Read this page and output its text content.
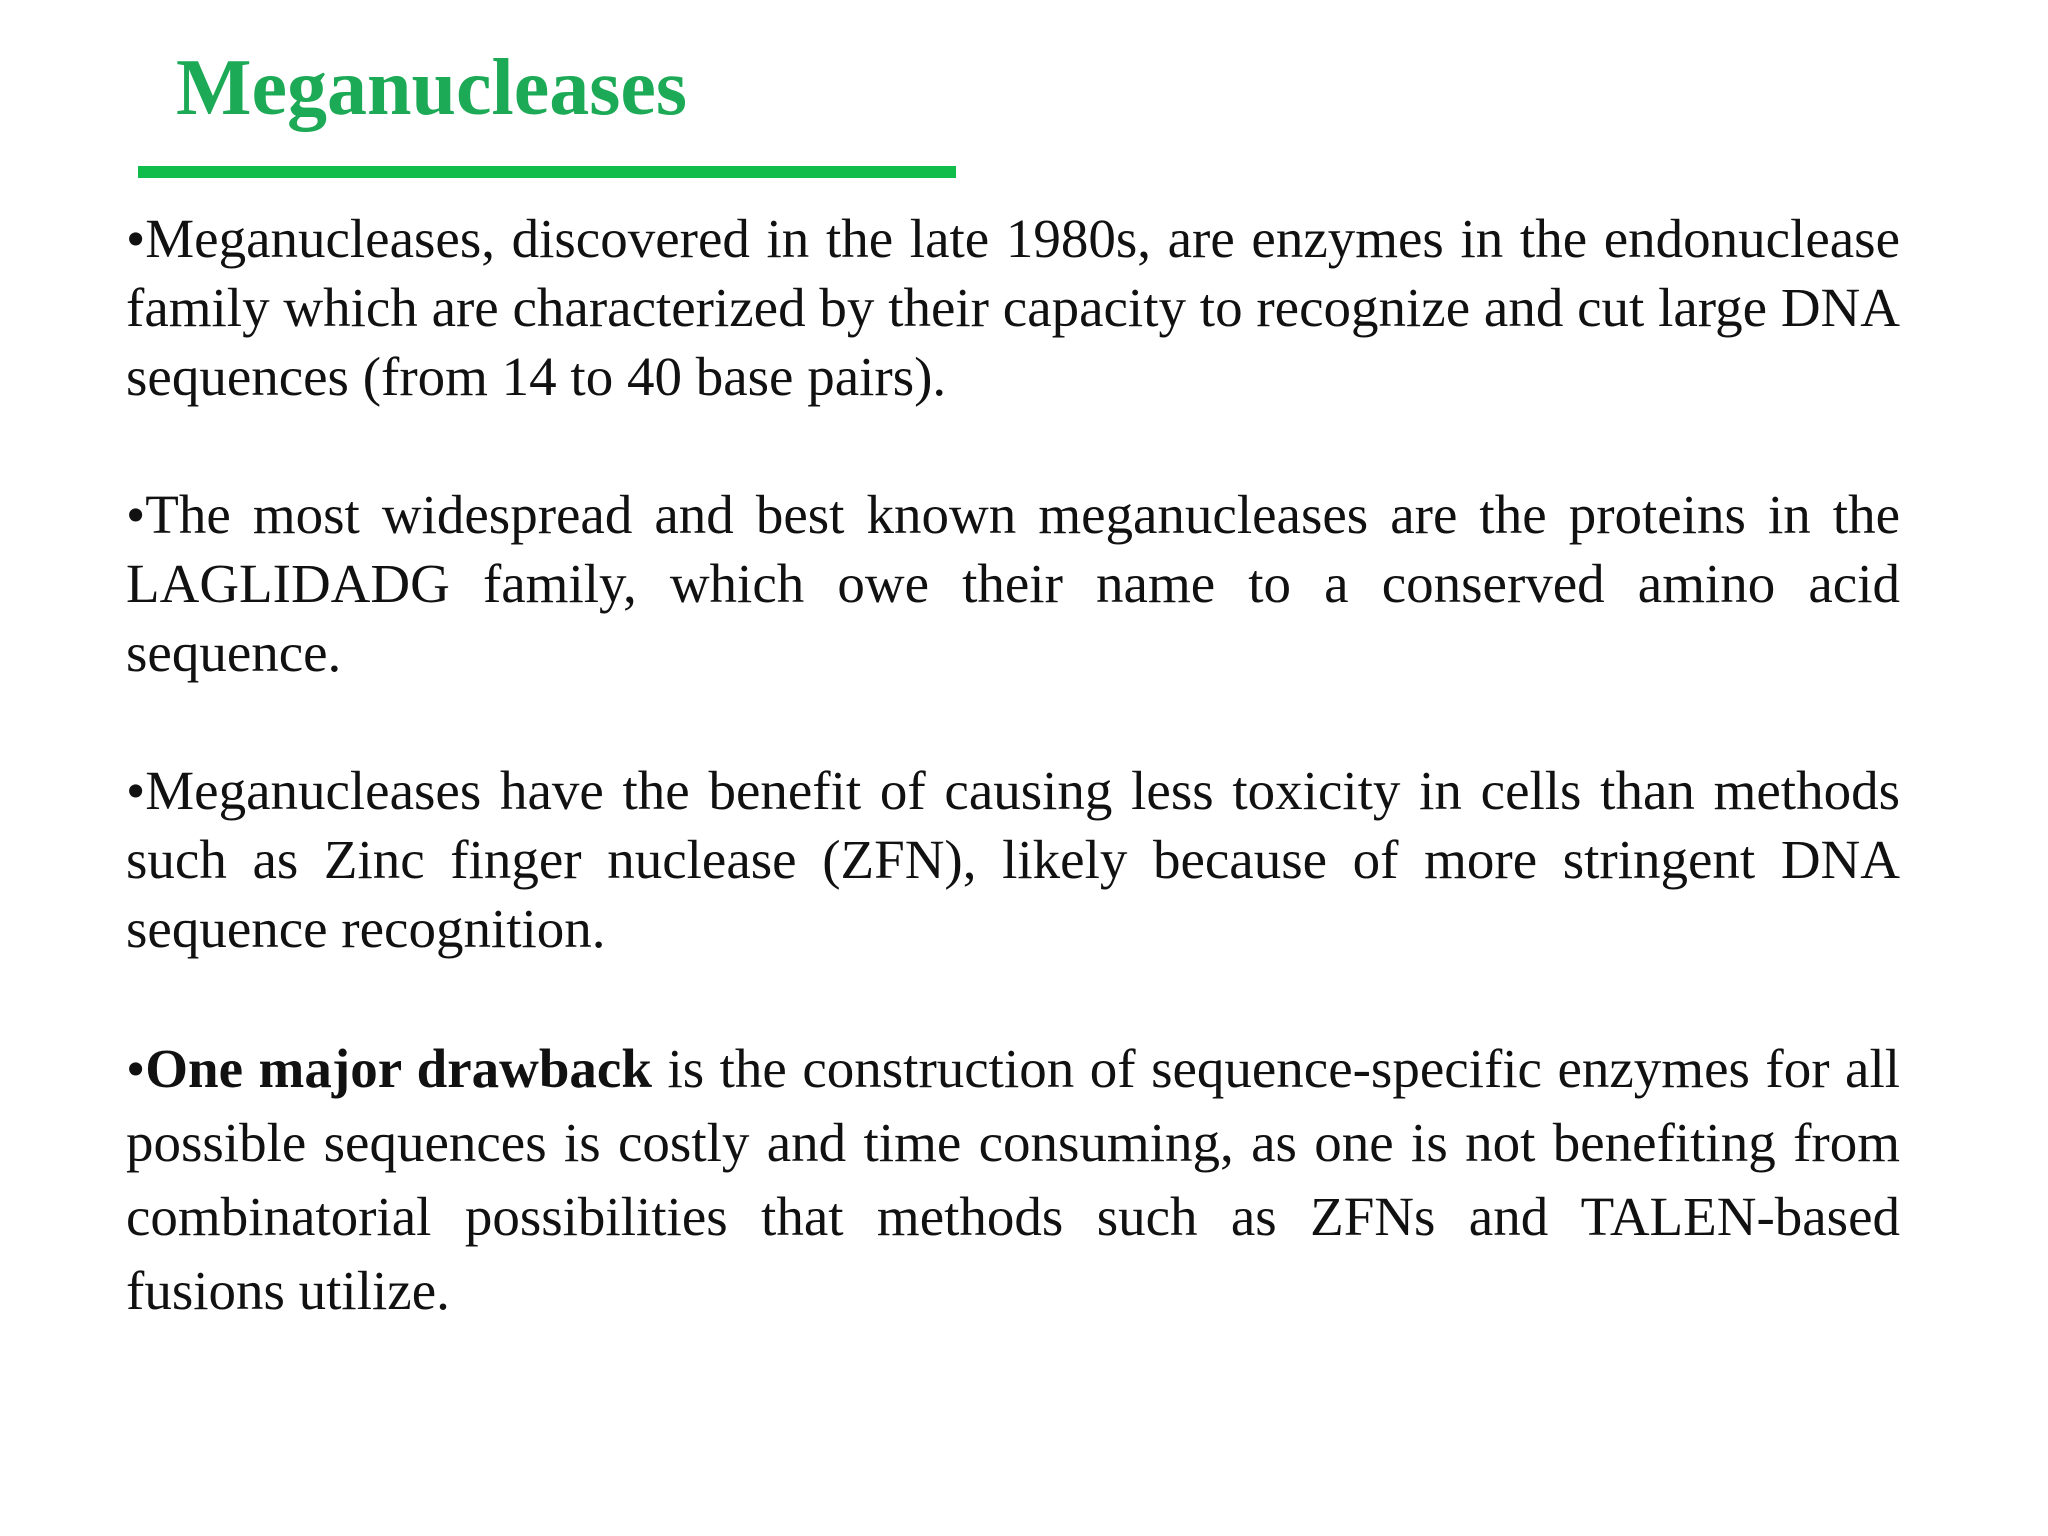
Meganucleases

•Meganucleases, discovered in the late 1980s, are enzymes in the endonuclease family which are characterized by their capacity to recognize and cut large DNA sequences (from 14 to 40 base pairs).

•The most widespread and best known meganucleases are the proteins in the LAGLIDADG family, which owe their name to a conserved amino acid sequence.

•Meganucleases have the benefit of causing less toxicity in cells than methods such as Zinc finger nuclease (ZFN), likely because of more stringent DNA sequence recognition.

•One major drawback is the construction of sequence-specific enzymes for all possible sequences is costly and time consuming, as one is not benefiting from combinatorial possibilities that methods such as ZFNs and TALEN-based fusions utilize.
